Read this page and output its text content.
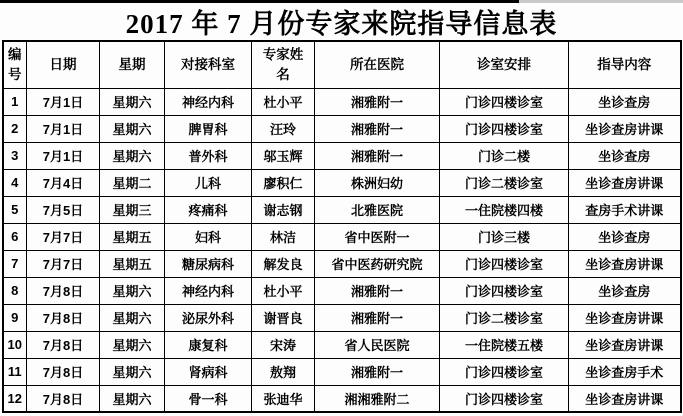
2017 年 7 月份专家来院指导信息表
编号	日期	星期	对接科室	专家姓名	所在医院	诊室安排	指导内容
1	7月1日	星期六	神经内科	杜小平	湘雅附一	门诊四楼诊室	坐诊查房
2	7月1日	星期六	脾胃科	汪玲	湘雅附一	门诊四楼诊室	坐诊查房讲课
3	7月1日	星期六	普外科	邬玉辉	湘雅附一	门诊二楼	坐诊查房
4	7月4日	星期二	儿科	廖积仁	株洲妇幼	门诊二楼诊室	坐诊查房讲课
5	7月5日	星期三	疼痛科	谢志钢	北雅医院	一住院楼四楼	查房手术讲课
6	7月7日	星期五	妇科	林洁	省中医附一	门诊三楼	坐诊查房
7	7月7日	星期五	糖尿病科	解发良	省中医药研究院	门诊四楼诊室	坐诊查房讲课
8	7月8日	星期六	神经内科	杜小平	湘雅附一	门诊四楼诊室	坐诊查房
9	7月8日	星期六	泌尿外科	谢晋良	湘雅附一	门诊二楼诊室	坐诊查房讲课
10	7月8日	星期六	康复科	宋涛	省人民医院	一住院楼五楼	坐诊查房讲课
11	7月8日	星期六	肾病科	敖翔	湘雅附一	门诊四楼诊室	坐诊查房手术
12	7月8日	星期六	骨一科	张迪华	湘湘雅附二	门诊四楼诊室	坐诊查房讲课
